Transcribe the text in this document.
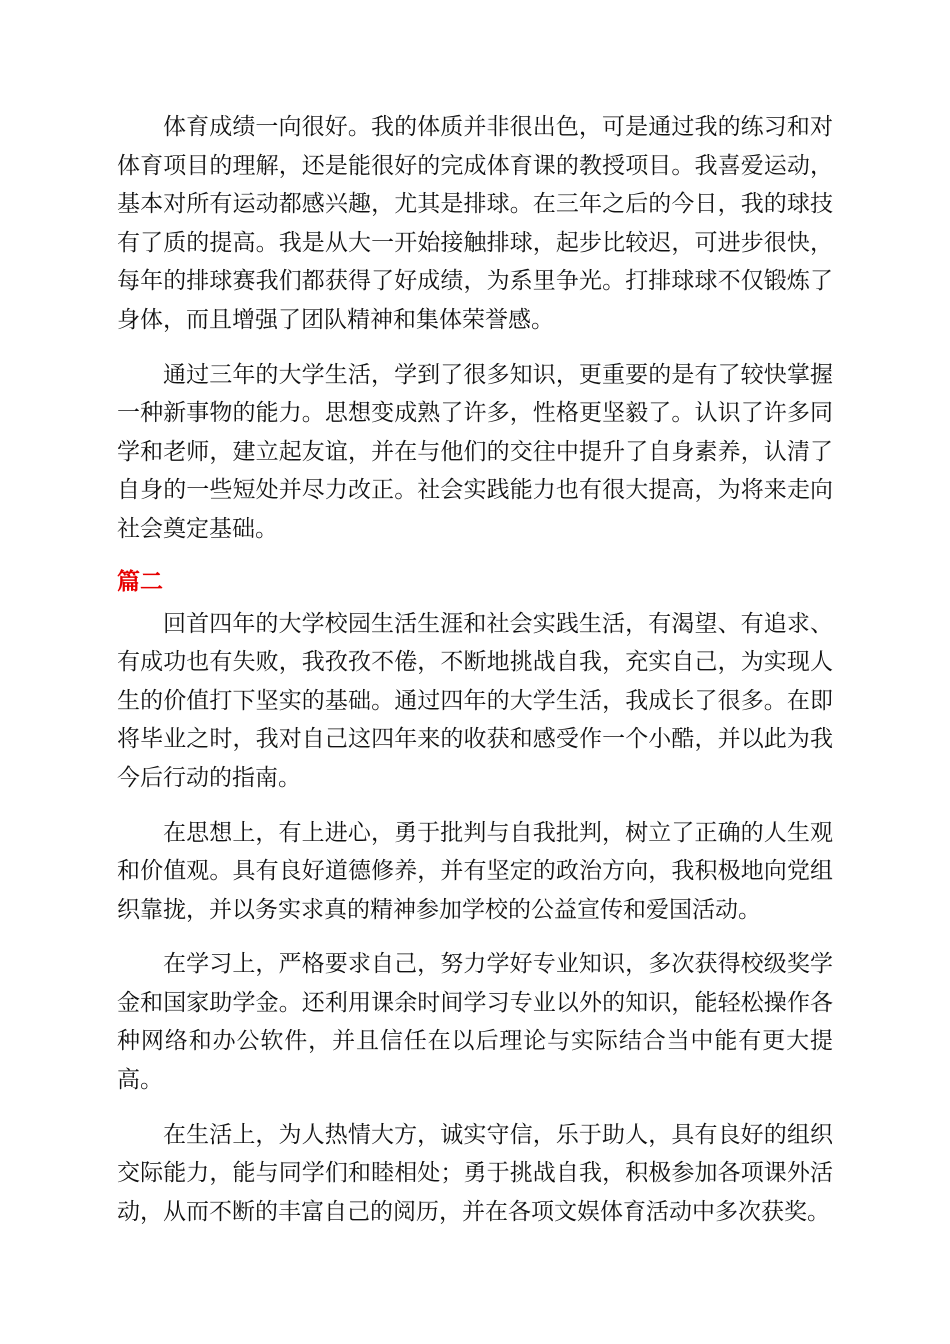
体育成绩一向很好。我的体质并非很出色，可是通过我的练习和对体育项目的理解，还是能很好的完成体育课的教授项目。我喜爱运动，基本对所有运动都感兴趣，尤其是排球。在三年之后的今日，我的球技有了质的提高。我是从大一开始接触排球，起步比较迟，可进步很快，每年的排球赛我们都获得了好成绩，为系里争光。打排球球不仅锻炼了身体，而且增强了团队精神和集体荣誉感。

通过三年的大学生活，学到了很多知识，更重要的是有了较快掌握一种新事物的能力。思想变成熟了许多，性格更坚毅了。认识了许多同学和老师，建立起友谊，并在与他们的交往中提升了自身素养，认清了自身的一些短处并尽力改正。社会实践能力也有很大提高，为将来走向社会奠定基础。

篇二

回首四年的大学校园生活生涯和社会实践生活，有渴望、有追求、有成功也有失败，我孜孜不倦，不断地挑战自我，充实自己，为实现人生的价值打下坚实的基础。通过四年的大学生活，我成长了很多。在即将毕业之时，我对自己这四年来的收获和感受作一个小酷，并以此为我今后行动的指南。

在思想上，有上进心，勇于批判与自我批判，树立了正确的人生观和价值观。具有良好道德修养，并有坚定的政治方向，我积极地向党组织靠拢，并以务实求真的精神参加学校的公益宣传和爱国活动。

在学习上，严格要求自己，努力学好专业知识，多次获得校级奖学金和国家助学金。还利用课余时间学习专业以外的知识，能轻松操作各种网络和办公软件，并且信任在以后理论与实际结合当中能有更大提高。

在生活上，为人热情大方，诚实守信，乐于助人，具有良好的组织交际能力，能与同学们和睦相处；勇于挑战自我，积极参加各项课外活动，从而不断的丰富自己的阅历，并在各项文娱体育活动中多次获奖。
